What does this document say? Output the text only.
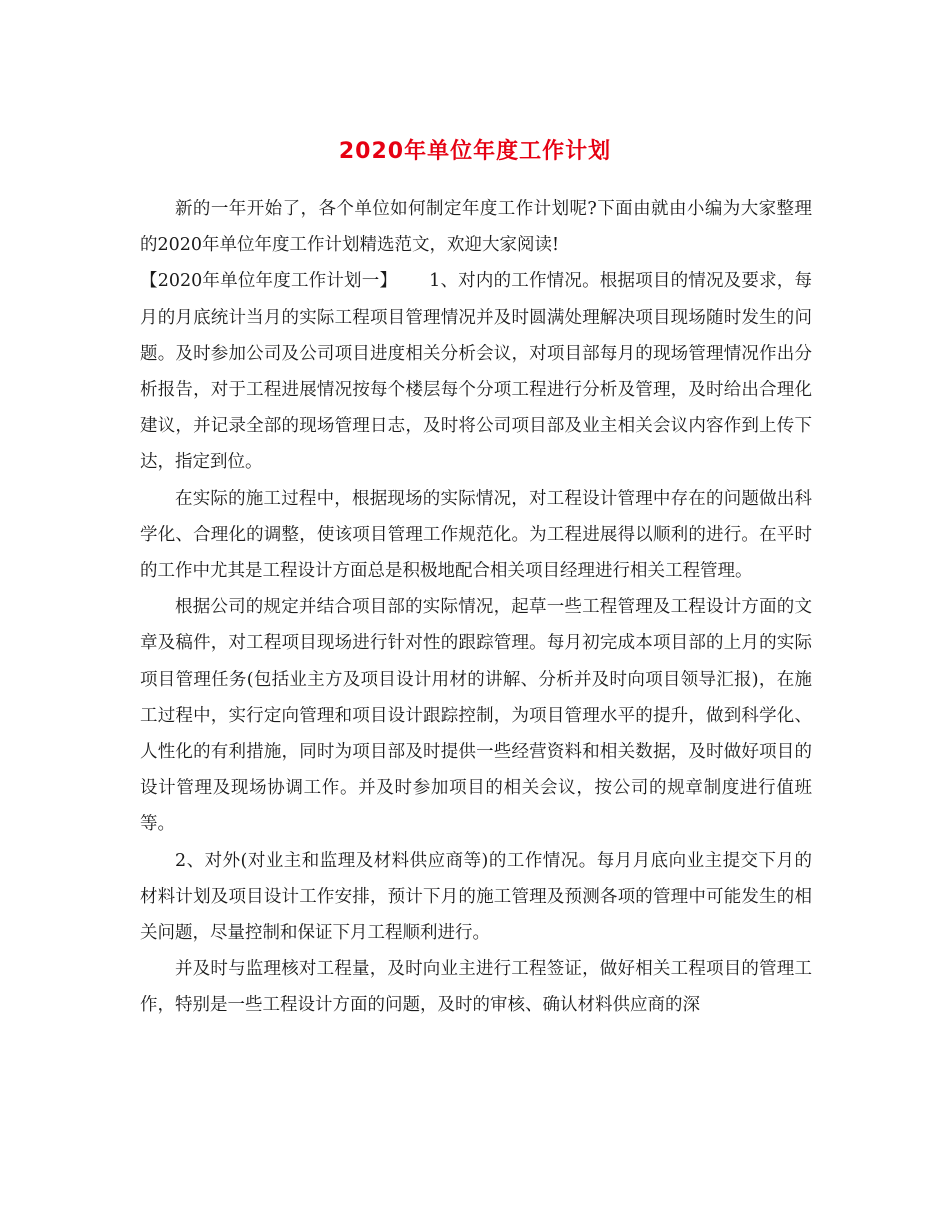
2020年单位年度工作计划

新的一年开始了，各个单位如何制定年度工作计划呢?下面由就由小编为大家整理的2020年单位年度工作计划精选范文，欢迎大家阅读!

【2020年单位年度工作计划一】 1、对内的工作情况。根据项目的情况及要求，每月的月底统计当月的实际工程项目管理情况并及时圆满处理解决项目现场随时发生的问题。及时参加公司及公司项目进度相关分析会议，对项目部每月的现场管理情况作出分析报告，对于工程进展情况按每个楼层每个分项工程进行分析及管理，及时给出合理化建议，并记录全部的现场管理日志，及时将公司项目部及业主相关会议内容作到上传下达，指定到位。

在实际的施工过程中，根据现场的实际情况，对工程设计管理中存在的问题做出科学化、合理化的调整，使该项目管理工作规范化。为工程进展得以顺利的进行。在平时的工作中尤其是工程设计方面总是积极地配合相关项目经理进行相关工程管理。

根据公司的规定并结合项目部的实际情况，起草一些工程管理及工程设计方面的文章及稿件，对工程项目现场进行针对性的跟踪管理。每月初完成本项目部的上月的实际项目管理任务(包括业主方及项目设计用材的讲解、分析并及时向项目领导汇报)，在施工过程中，实行定向管理和项目设计跟踪控制，为项目管理水平的提升，做到科学化、人性化的有利措施，同时为项目部及时提供一些经营资料和相关数据，及时做好项目的设计管理及现场协调工作。并及时参加项目的相关会议，按公司的规章制度进行值班等。

2、对外(对业主和监理及材料供应商等)的工作情况。每月月底向业主提交下月的材料计划及项目设计工作安排，预计下月的施工管理及预测各项的管理中可能发生的相关问题，尽量控制和保证下月工程顺利进行。

并及时与监理核对工程量，及时向业主进行工程签证，做好相关工程项目的管理工作，特别是一些工程设计方面的问题，及时的审核、确认材料供应商的深
